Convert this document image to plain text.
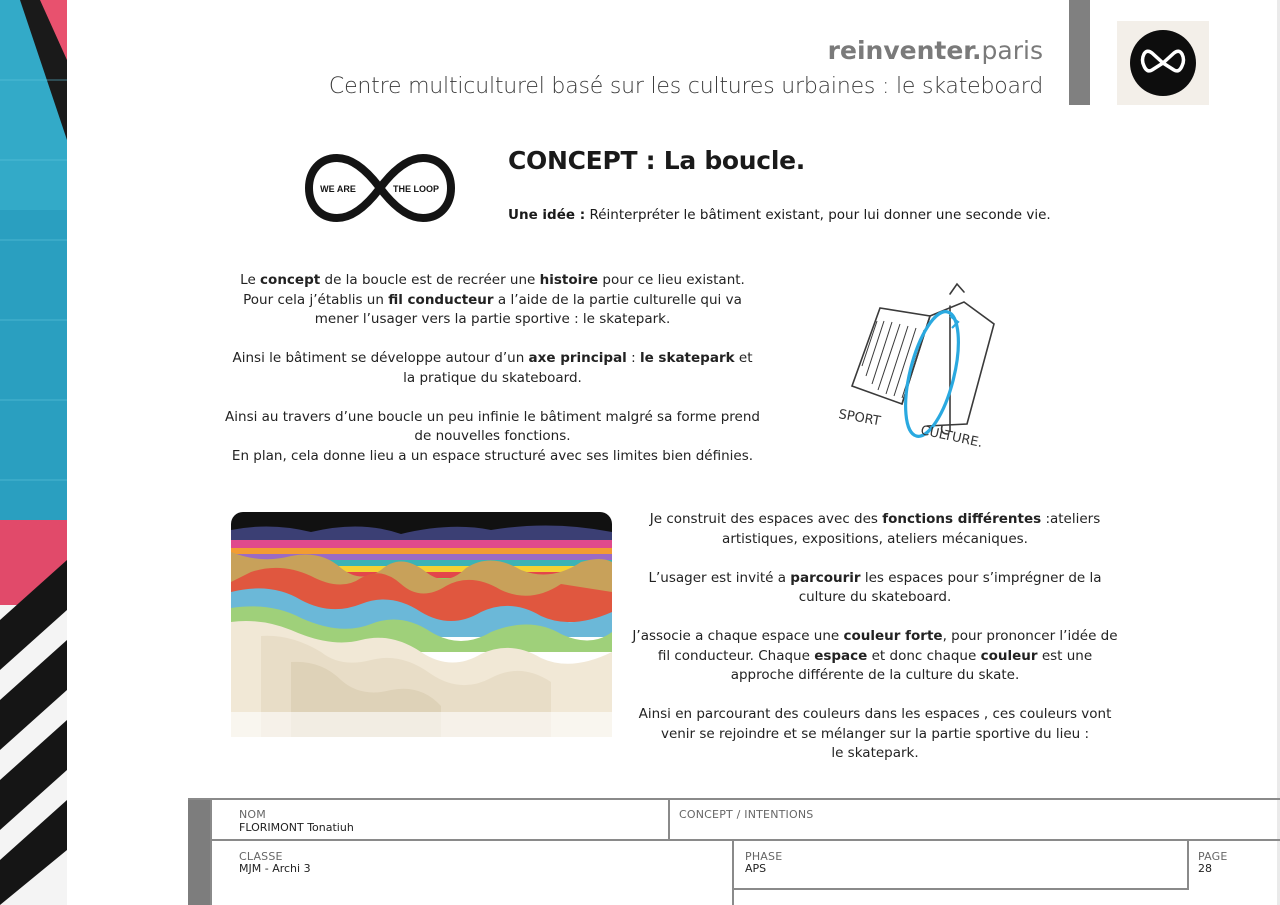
reinventer.paris
Centre multiculturel basé sur les cultures urbaines : le skateboard
WE ARE	THE LOOP
CONCEPT : La boucle.
Une idée : Réinterpréter le bâtiment existant, pour lui donner une seconde vie.

Le concept de la boucle est de recréer une histoire pour ce lieu existant. Pour cela j’établis un fil conducteur a l’aide de la partie culturelle qui va mener l’usager vers la partie sportive : le skatepark.

Ainsi le bâtiment se développe autour d’un axe principal : le skatepark et la pratique du skateboard.

Ainsi au travers d’une boucle un peu infinie le bâtiment malgré sa forme prend de nouvelles fonctions.
En plan, cela donne lieu a un espace structuré avec ses limites bien définies.

SPORT
CULTURE.

Je construit des espaces avec des fonctions différentes :ateliers artistiques, expositions, ateliers mécaniques.

L’usager est invité a parcourir les espaces pour s’imprégner de la culture du skateboard.

J’associe a chaque espace une couleur forte, pour prononcer l’idée de fil conducteur. Chaque espace et donc chaque couleur est une approche différente de la culture du skate.

Ainsi en parcourant des couleurs dans les espaces , ces couleurs vont venir se rejoindre et se mélanger sur la partie sportive du lieu :
le skatepark.

NOM
FLORIMONT Tonatiuh
CONCEPT / INTENTIONS
CLASSE
MJM - Archi 3
PHASE
APS
PAGE
28
